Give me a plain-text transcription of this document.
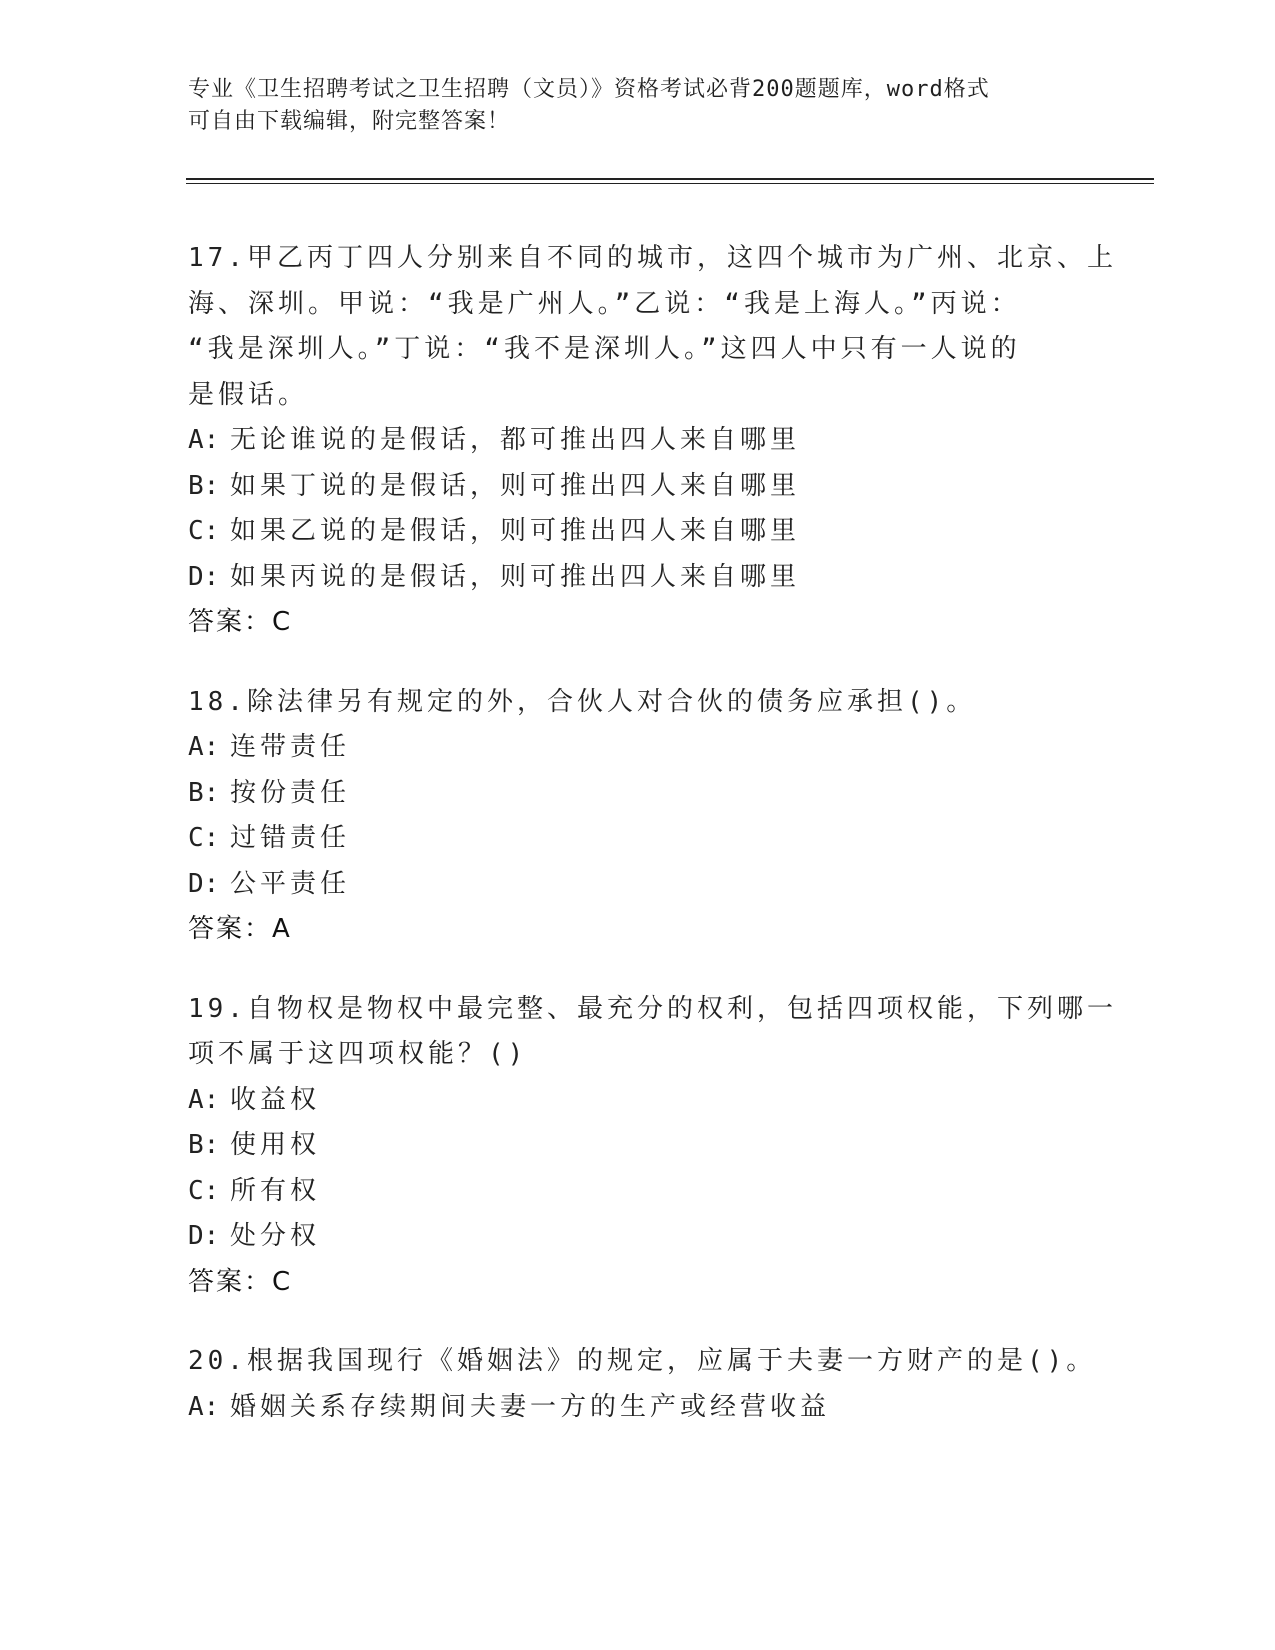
专业《卫生招聘考试之卫生招聘（文员）》资格考试必背200题题库，word格式
可自由下载编辑，附完整答案！
17.甲乙丙丁四人分别来自不同的城市，这四个城市为广州、北京、上
海、深圳。甲说：“我是广州人。”乙说：“我是上海人。”丙说：
“我是深圳人。”丁说：“我不是深圳人。”这四人中只有一人说的
是假话。
A: 无论谁说的是假话，都可推出四人来自哪里
B: 如果丁说的是假话，则可推出四人来自哪里
C: 如果乙说的是假话，则可推出四人来自哪里
D: 如果丙说的是假话，则可推出四人来自哪里
答案：C
18.除法律另有规定的外，合伙人对合伙的债务应承担()。
A: 连带责任
B: 按份责任
C: 过错责任
D: 公平责任
答案：A
19.自物权是物权中最完整、最充分的权利，包括四项权能，下列哪一
项不属于这四项权能？()
A: 收益权
B: 使用权
C: 所有权
D: 处分权
答案：C
20.根据我国现行《婚姻法》的规定，应属于夫妻一方财产的是()。
A: 婚姻关系存续期间夫妻一方的生产或经营收益
